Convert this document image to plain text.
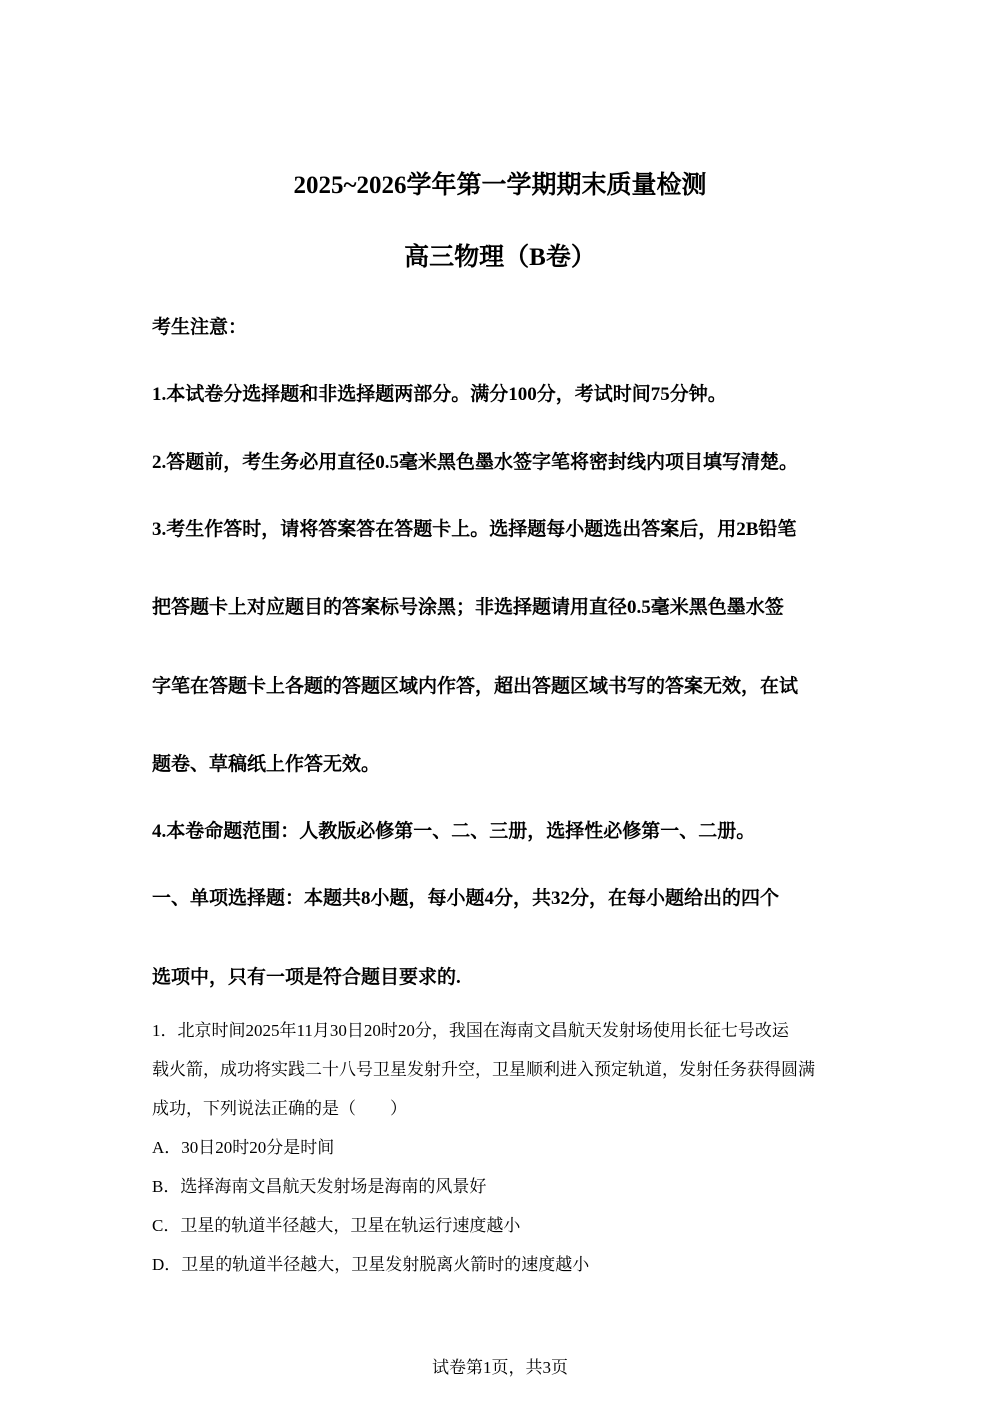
2025~2026学年第一学期期末质量检测
高三物理（B卷）
考生注意：
1.本试卷分选择题和非选择题两部分。满分100分，考试时间75分钟。
2.答题前，考生务必用直径0.5毫米黑色墨水签字笔将密封线内项目填写清楚。
3.考生作答时，请将答案答在答题卡上。选择题每小题选出答案后，用2B铅笔
把答题卡上对应题目的答案标号涂黑；非选择题请用直径0.5毫米黑色墨水签
字笔在答题卡上各题的答题区域内作答，超出答题区域书写的答案无效，在试
题卷、草稿纸上作答无效。
4.本卷命题范围：人教版必修第一、二、三册，选择性必修第一、二册。
一、单项选择题：本题共8小题，每小题4分，共32分，在每小题给出的四个
选项中，只有一项是符合题目要求的.
1．北京时间2025年11月30日20时20分，我国在海南文昌航天发射场使用长征七号改运
载火箭，成功将实践二十八号卫星发射升空，卫星顺利进入预定轨道，发射任务获得圆满
成功，下列说法正确的是（　　）
A．30日20时20分是时间
B．选择海南文昌航天发射场是海南的风景好
C．卫星的轨道半径越大，卫星在轨运行速度越小
D．卫星的轨道半径越大，卫星发射脱离火箭时的速度越小
试卷第1页，共3页
